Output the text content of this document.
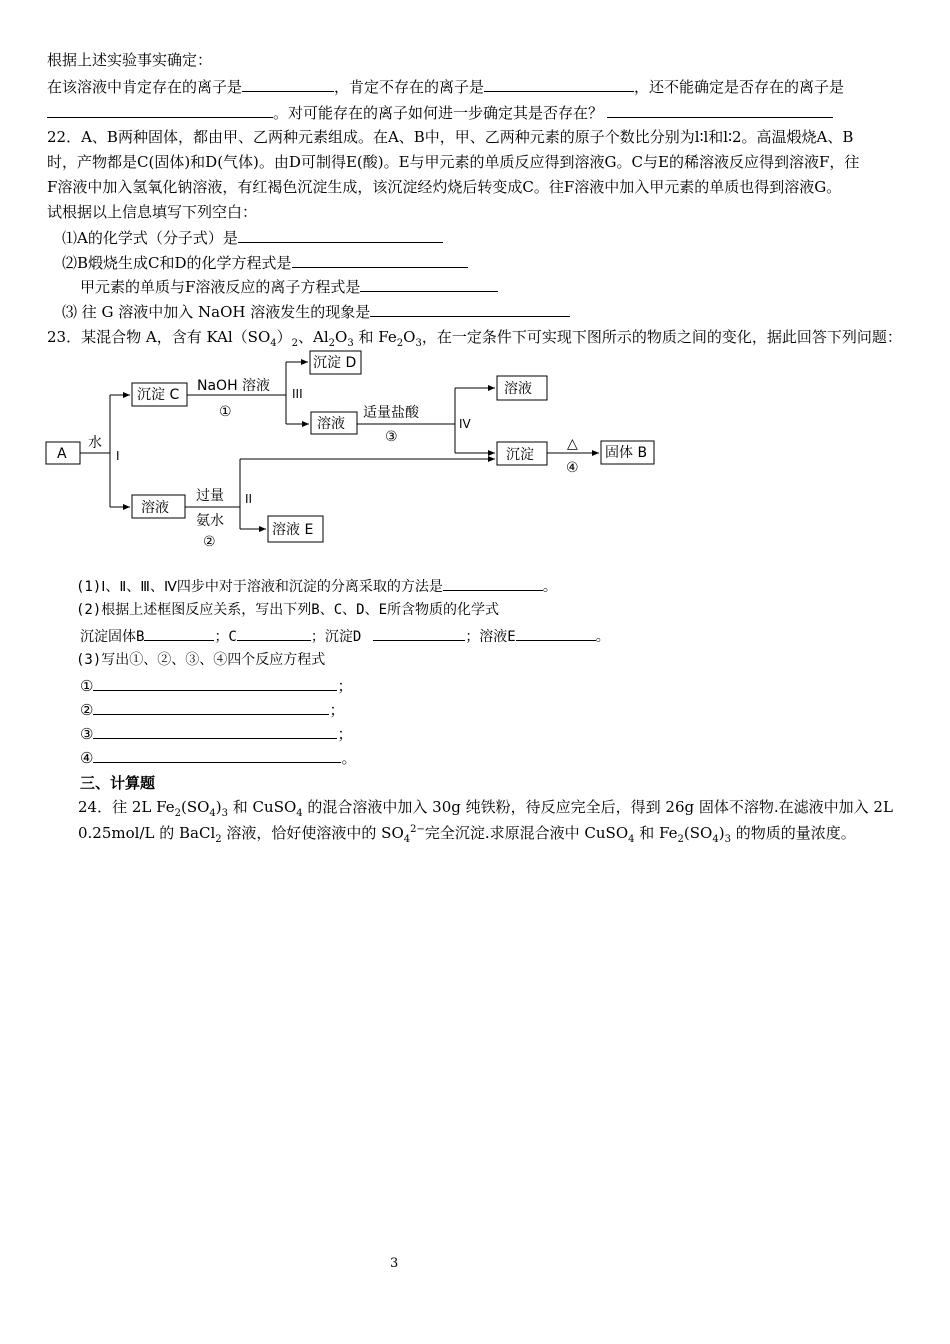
根据上述实验事实确定：
在该溶液中肯定存在的离子是	，肯定不存在的离子是	，还不能确定是否存在的离子是
。对可能存在的离子如何进一步确定其是否存在？
22．A、B两种固体，都由甲、乙两种元素组成。在A、B中，甲、乙两种元素的原子个数比分别为l∶l和l∶2。高温煅烧A、B
时，产物都是C(固体)和D(气体)。由D可制得E(酸)。E与甲元素的单质反应得到溶液G。C与E的稀溶液反应得到溶液F，往
F溶液中加入氢氧化钠溶液，有红褐色沉淀生成，该沉淀经灼烧后转变成C。往F溶液中加入甲元素的单质也得到溶液G。
试根据以上信息填写下列空白：
⑴A的化学式（分子式）是
⑵B煅烧生成C和D的化学方程式是
甲元素的单质与F溶液反应的离子方程式是
⑶ 往 G 溶液中加入 NaOH 溶液发生的现象是
23．某混合物 A，含有 $KAl(SO_4)_2$、$Al_2O_3$ 和 $Fe_2O_3$，在一定条件下可实现下图所示的物质之间的变化，据此回答下列问题：
A
沉淀 C
沉淀 D
溶液
溶液
沉淀	固体 B
溶液
溶液 E
水
I
NaOH 溶液
①
III
适量盐酸
③
IV
△
④
过量
氨水
②
II
(1)Ⅰ、Ⅱ、Ⅲ、Ⅳ四步中对于溶液和沉淀的分离采取的方法是	。
(2)根据上述框图反应关系，写出下列B、C、D、E所含物质的化学式
沉淀固体B	；C	；沉淀D	；溶液E	。
(3)写出①、②、③、④四个反应方程式
①	；
②	；
③	；
④	。
三、计算题
24．往 2L $Fe_2(SO_4)_3$ 和 CuSO$_4$ 的混合溶液中加入 30g 纯铁粉，待反应完全后，得到 26g 固体不溶物.在滤液中加入 2L
0.25mol/L 的 BaCl$_2$ 溶液，恰好使溶液中的 $SO_4^{2-}$完全沉淀.求原混合液中 CuSO$_4$ 和 $Fe_2(SO_4)_3$ 的物质的量浓度。
3
